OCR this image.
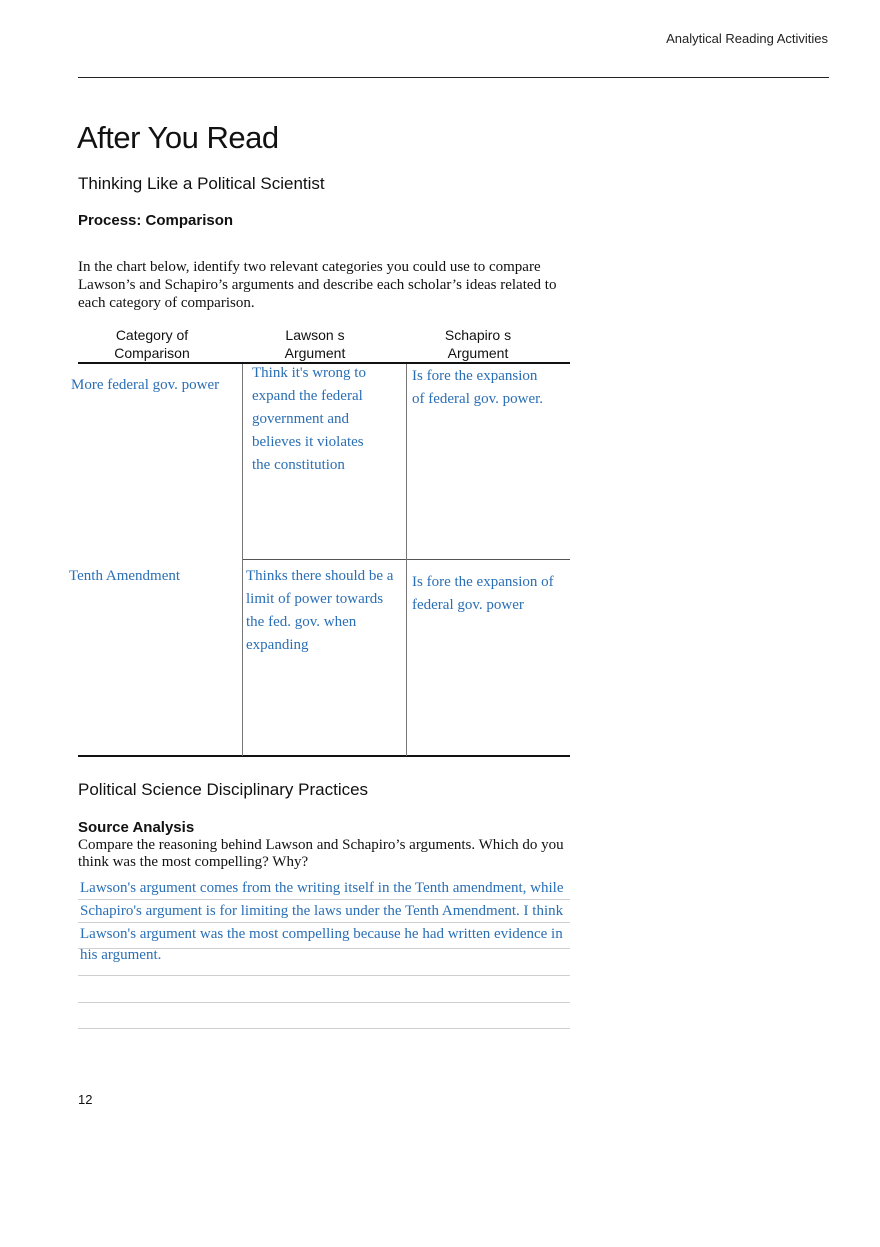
Analytical Reading Activities
After You Read
Thinking Like a Political Scientist
Process: Comparison
In the chart below, identify two relevant categories you could use to compare Lawson’s and Schapiro’s arguments and describe each scholar’s ideas related to each category of comparison.
Category of
Comparison
Lawson s
Argument
Schapiro s
Argument
More federal gov. power
Think it's wrong to
expand the federal
government and
believes it violates
the constitution
Is fore the expansion
of federal gov. power.
Tenth Amendment	Thinks there should be a
limit of power towards
the fed. gov. when
expanding
Is fore the expansion of
federal gov. power
Political Science Disciplinary Practices
Source Analysis
Compare the reasoning behind Lawson and Schapiro’s arguments. Which do you think was the most compelling? Why?
Lawson's argument comes from the writing itself in the Tenth amendment, while
Schapiro's argument is for limiting the laws under the Tenth Amendment. I think
Lawson's argument was the most compelling because he had written evidence in
his argument.
12
